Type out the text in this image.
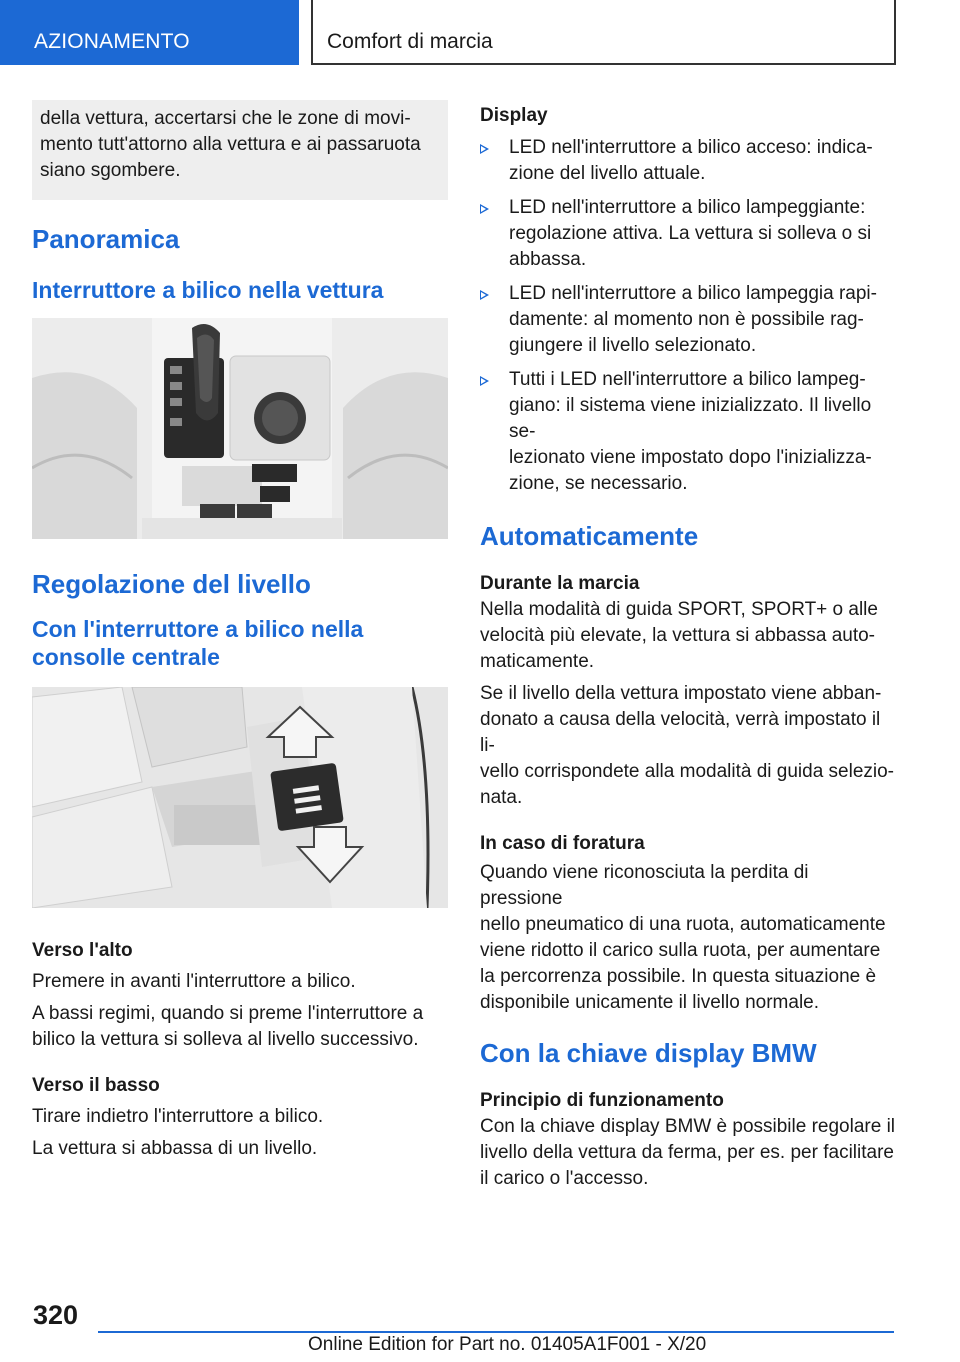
AZIONAMENTO	Comfort di marcia
della vettura, accertarsi che le zone di movi-
mento tutt'attorno alla vettura e ai passaruota
siano sgombere.
Panoramica
Interruttore a bilico nella vettura
Regolazione del livello
Con l'interruttore a bilico nella
consolle centrale
Verso l'alto

Premere in avanti l'interruttore a bilico.

A bassi regimi, quando si preme l'interruttore a
bilico la vettura si solleva al livello successivo.

Verso il basso

Tirare indietro l'interruttore a bilico.

La vettura si abbassa di un livello.

Display
LED nell'interruttore a bilico acceso: indica-
zione del livello attuale.
LED nell'interruttore a bilico lampeggiante:
regolazione attiva. La vettura si solleva o si
abbassa.
LED nell'interruttore a bilico lampeggia rapi-
damente: al momento non è possibile rag-
giungere il livello selezionato.
Tutti i LED nell'interruttore a bilico lampeg-
giano: il sistema viene inizializzato. Il livello se-
lezionato viene impostato dopo l'inizializza-
zione, se necessario.
Automaticamente
Durante la marcia

Nella modalità di guida SPORT, SPORT+ o alle
velocità più elevate, la vettura si abbassa auto-
maticamente.

Se il livello della vettura impostato viene abban-
donato a causa della velocità, verrà impostato il li-
vello corrispondete alla modalità di guida selezio-
nata.

In caso di foratura

Quando viene riconosciuta la perdita di pressione
nello pneumatico di una ruota, automaticamente
viene ridotto il carico sulla ruota, per aumentare
la percorrenza possibile. In questa situazione è
disponibile unicamente il livello normale.

Con la chiave display BMW
Principio di funzionamento

Con la chiave display BMW è possibile regolare il
livello della vettura da ferma, per es. per facilitare
il carico o l'accesso.

320
Online Edition for Part no. 01405A1F001 - X/20
